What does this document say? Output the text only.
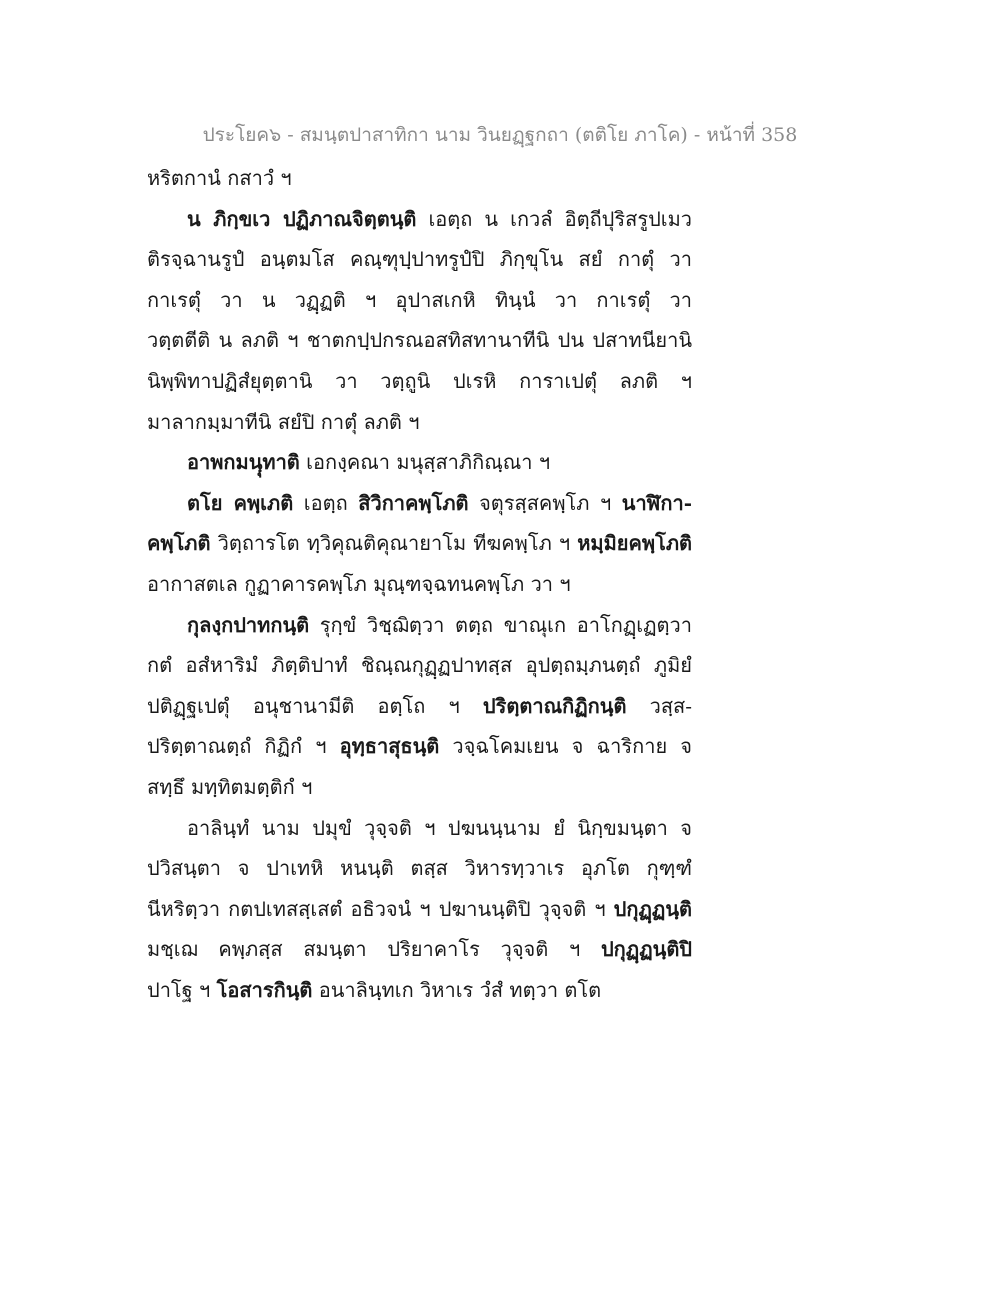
ประโยค๖ - สมนฺตปาสาทิกา นาม วินยฏฺฐกถา (ตติโย ภาโค) - หน้าที่ 358
หริตกานํ กสาวํ ฯ
น ภิกฺขเว ปฏิภาณจิตฺตนฺติ เอตฺถ น เกวลํ อิตฺถีปุริสรูปเมว
ติรจฺฉานรูปํ อนฺตมโส คณฺฑุปฺปาทรูปํปิ ภิกฺขุโน สยํ กาตุํ วา
กาเรตุํ วา น วฏฺฏติ ฯ อุปาสเกหิ ทินฺนํ วา กาเรตุํ วา
วตฺตตีติ น ลภติ ฯ ชาตกปฺปกรณอสทิสทานาทีนิ ปน ปสาทนียานิ
นิพฺพิทาปฏิสํยุตฺตานิ วา วตฺถูนิ ปเรหิ การาเปตุํ ลภติ ฯ
มาลากมฺมาทีนิ สยํปิ กาตุํ ลภติ ฯ
อาพกมนฺุทาติ เอกงฺคณา มนุสฺสาภิกิณฺณา ฯ
ตโย คพฺเภติ เอตฺถ สิวิกาคพฺโภติ จตุรสฺสคพฺโภ ฯ นาฬิกา-
คพฺโภติ วิตฺถารโต ทฺวิคุณติคุณายาโม ทีฆคพฺโภ ฯ หมฺมิยคพฺโภติ
อากาสตเล กูฏาคารคพฺโภ มุณฺฑจฺฉทนคพฺโภ วา ฯ
กุลงฺกปาทกนฺติ รุกฺขํ วิชฺฌิตฺวา ตตฺถ ขาณุเก อาโกฏฺเฏตฺวา
กตํ อสํหาริมํ ภิตฺติปาทํ ชิณฺณกุฏฺฏปาทสฺส อุปตฺถมฺภนตฺถํ ภูมิยํ
ปติฏฺฐเปตุํ อนุชานามีติ อตฺโถ ฯ ปริตฺตาณกิฏิกนฺติ วสฺส-
ปริตฺตาณตฺถํ กิฏิกํ ฯ อุทฺธาสุธนฺติ วจฺฉโคมเยน จ ฉาริกาย จ
สทฺธึ มทฺทิตมตฺติกํ ฯ
อาลินฺทํ นาม ปมุขํ วุจฺจติ ฯ ปฆนนฺนาม ยํ นิกฺขมนฺตา จ
ปวิสนฺตา จ ปาเทหิ หนนฺติ ตสฺส วิหารทฺวาเร อุภโต กุฑฺฑํ
นีหริตฺวา กตปเทสสฺเสตํ อธิวจนํ ฯ ปฆานนฺติปิ วุจฺจติ ฯ ปกุฏฺฏนฺติ
มชฺเฌ คพฺภสฺส สมนฺตา ปริยาคาโร วุจฺจติ ฯ ปกุฏฺฏนฺติปิ
ปาโฐ ฯ โอสารกินฺติ อนาลินฺทเก วิหาเร วํสํ ทตฺวา ตโต
